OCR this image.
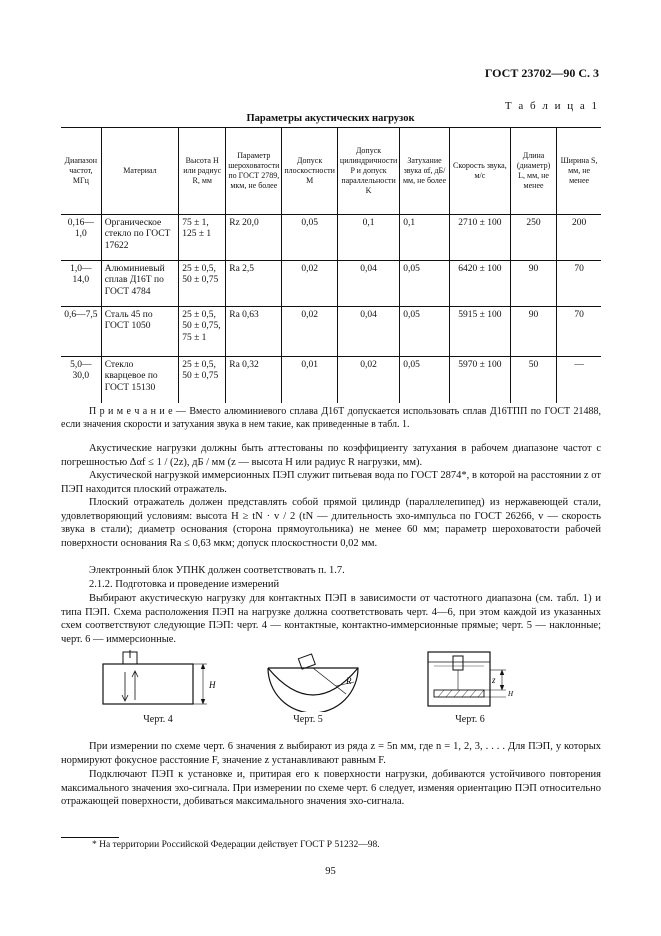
ГОСТ 23702—90 С. 3
Т а б л и ц а 1
Параметры акустических нагрузок
Диапазон частот, МГц	Материал	Высота H или радиус R, мм	Параметр шероховатости по ГОСТ 2789, мкм, не более	Допуск плоскостности M	Допуск цилиндричности P и допуск параллельности K	Затухание звука αf, дБ/мм, не более	Скорость звука, м/с	Длина (диаметр) L, мм, не менее	Ширина S, мм, не менее
0,16—1,0	Органическое стекло по ГОСТ 17622	75 ± 1,
125 ± 1	Rz 20,0	0,05	0,1	0,1	2710 ± 100	250	200
1,0—14,0	Алюминиевый сплав Д16Т по ГОСТ 4784	25 ± 0,5,
50 ± 0,75	Ra 2,5	0,02	0,04	0,05	6420 ± 100	90	70
0,6—7,5	Сталь 45 по ГОСТ 1050	25 ± 0,5,
50 ± 0,75,
75 ± 1	Ra 0,63	0,02	0,04	0,05	5915 ± 100	90	70
5,0—30,0	Стекло кварцевое по ГОСТ 15130	25 ± 0,5,
50 ± 0,75	Ra 0,32	0,01	0,02	0,05	5970 ± 100	50	—
П р и м е ч а н и е — Вместо алюминиевого сплава Д16Т допускается использовать сплав Д16ТПП по ГОСТ 21488, если значения скорости и затухания звука в нем такие, как приведенные в табл. 1.
Акустические нагрузки должны быть аттестованы по коэффициенту затухания в рабочем диапазоне частот с погрешностью Δαf ≤ 1 / (2z), дБ / мм (z — высота H или радиус R нагрузки, мм).
Акустической нагрузкой иммерсионных ПЭП служит питьевая вода по ГОСТ 2874*, в которой на расстоянии z от ПЭП находится плоский отражатель.
Плоский отражатель должен представлять собой прямой цилиндр (параллелепипед) из нержавеющей стали, удовлетворяющий условиям: высота H ≥ tN · v / 2 (tN — длительность эхо-импульса по ГОСТ 26266, v — скорость звука в стали); диаметр основания (сторона прямоугольника) не менее 60 мм; параметр шероховатости рабочей поверхности основания Ra ≤ 0,63 мкм; допуск плоскостности 0,02 мм.
Электронный блок УПНК должен соответствовать п. 1.7.
2.1.2. Подготовка и проведение измерений
Выбирают акустическую нагрузку для контактных ПЭП в зависимости от частотного диапазона (см. табл. 1) и типа ПЭП. Схема расположения ПЭП на нагрузке должна соответствовать черт. 4—6, при этом каждой из указанных схем соответствуют следующие ПЭП: черт. 4 — контактные, контактно-иммерсионные прямые; черт. 5 — наклонные; черт. 6 — иммерсионные.
H
Черт. 4
R
Черт. 5
z
H
Черт. 6
При измерении по схеме черт. 6 значения z выбирают из ряда z = 5n мм, где n = 1, 2, 3, . . . . Для ПЭП, у которых нормируют фокусное расстояние F, значение z устанавливают равным F.
Подключают ПЭП к установке и, притирая его к поверхности нагрузки, добиваются устойчивого повторения максимального значения эхо-сигнала. При измерении по схеме черт. 6 следует, изменяя ориентацию ПЭП относительно отражающей поверхности, добиваться максимального значения эхо-сигнала.
* На территории Российской Федерации действует ГОСТ Р 51232—98.
95
